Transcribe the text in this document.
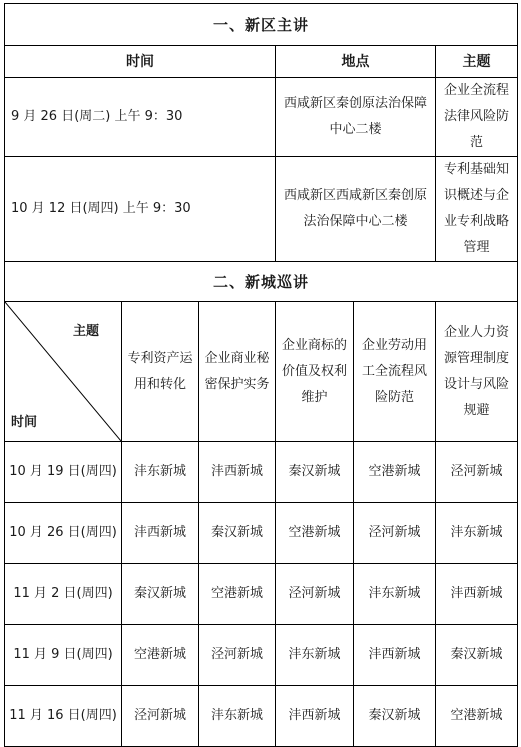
一、新区主讲					
时间			地点		主题
9 月 26 日(周二) 上午 9：30			西咸新区秦创原法治保障中心二楼		企业全流程法律风险防范
10 月 12 日(周四) 上午 9：30			西咸新区西咸新区秦创原法治保障中心二楼		专利基础知识概述与企业专利战略管理
二、新城巡讲					

主题
时间	专利资产运用和转化	企业商业秘密保护实务	企业商标的价值及权利维护	企业劳动用工全流程风险防范	企业人力资源管理制度设计与风险规避
10 月 19 日(周四)	沣东新城	沣西新城	秦汉新城	空港新城	泾河新城
10 月 26 日(周四)	沣西新城	秦汉新城	空港新城	泾河新城	沣东新城
11 月 2 日(周四)	秦汉新城	空港新城	泾河新城	沣东新城	沣西新城
11 月 9 日(周四)	空港新城	泾河新城	沣东新城	沣西新城	秦汉新城
11 月 16 日(周四)	泾河新城	沣东新城	沣西新城	秦汉新城	空港新城
